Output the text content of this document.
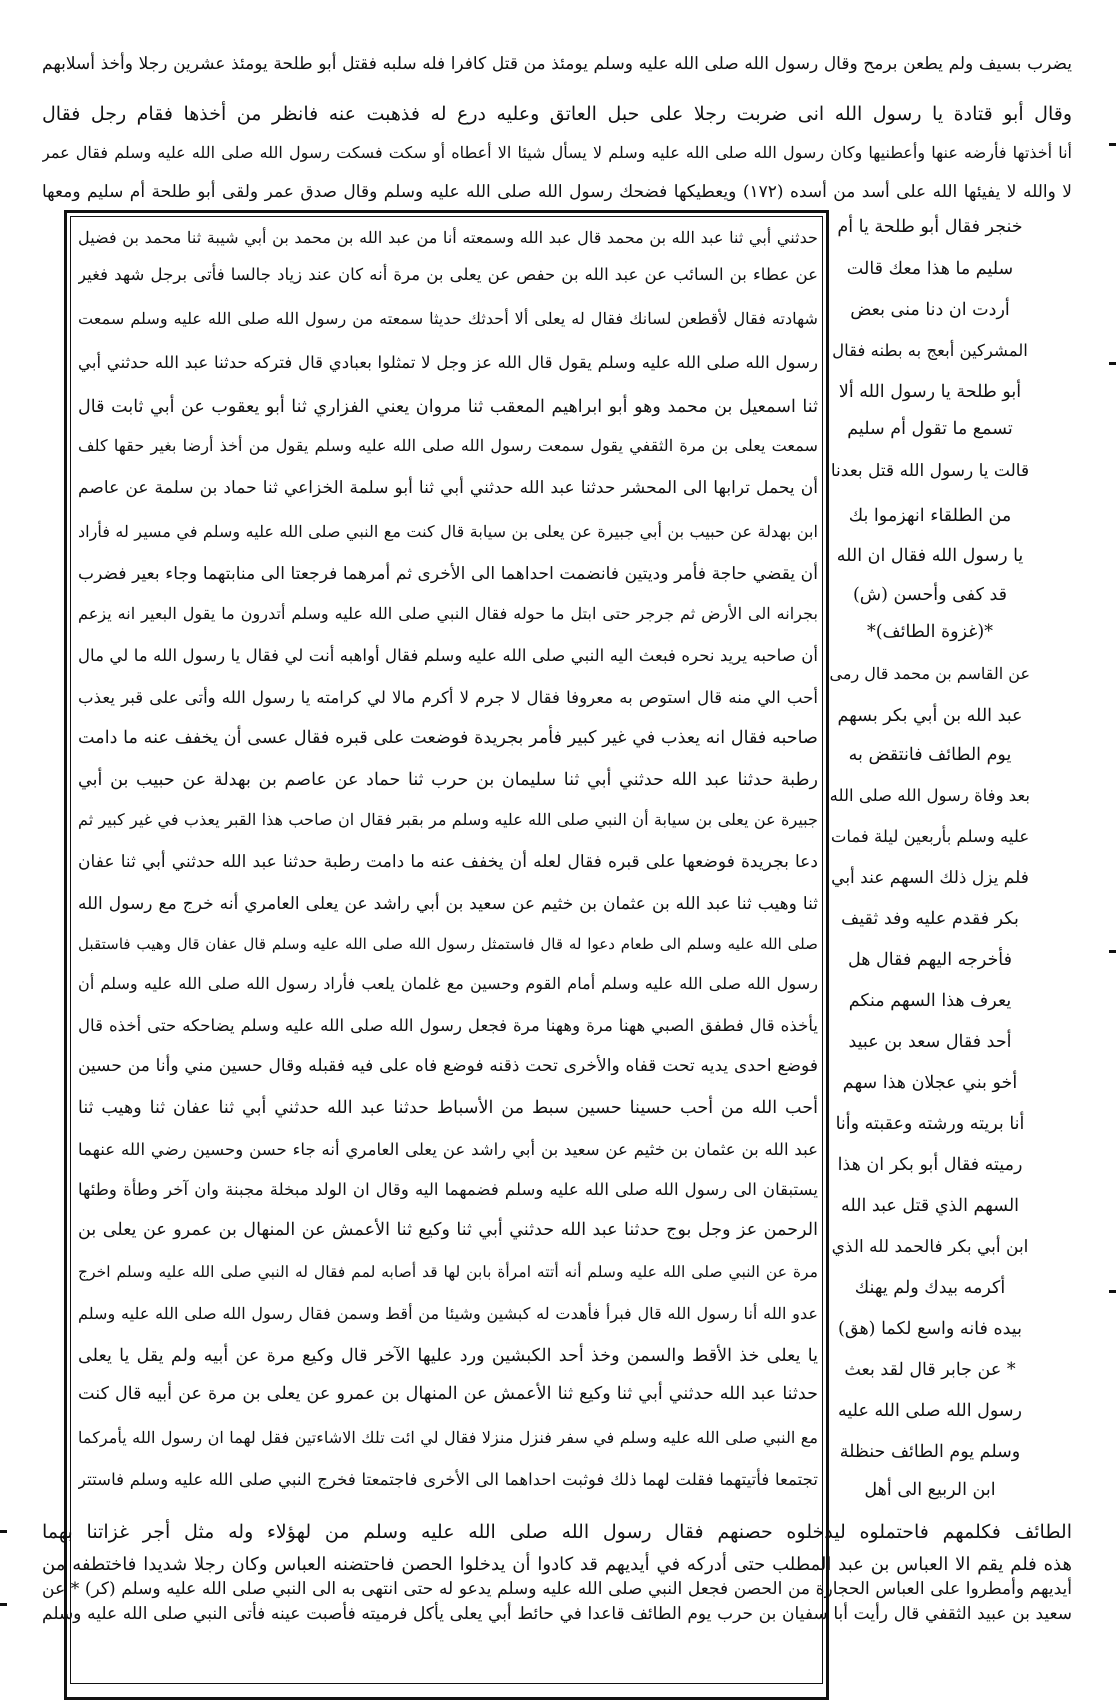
يضرب بسيف ولم يطعن برمح وقال رسول الله صلى الله عليه وسلم يومئذ من قتل كافرا فله سلبه فقتل أبو طلحة يومئذ عشرين رجلا وأخذ أسلابهم
وقال أبو قتادة يا رسول الله انى ضربت رجلا على حبل العاتق وعليه درع له فذهبت عنه فانظر من أخذها فقام رجل فقال
أنا أخذتها فأرضه عنها وأعطنيها وكان رسول الله صلى الله عليه وسلم لا يسأل شيئا الا أعطاه أو سكت فسكت رسول الله صلى الله عليه وسلم فقال عمر
لا والله لا يفيئها الله على أسد من أسده (١٧٢) ويعطيكها فضحك رسول الله صلى الله عليه وسلم وقال صدق عمر ولقى أبو طلحة أم سليم ومعها
حدثني أبي ثنا عبد الله بن محمد قال عبد الله وسمعته أنا من عبد الله بن محمد بن أبي شيبة ثنا محمد بن فضيل
عن عطاء بن السائب عن عبد الله بن حفص عن يعلى بن مرة أنه كان عند زياد جالسا فأتى برجل شهد فغير
شهادته فقال لأقطعن لسانك فقال له يعلى ألا أحدثك حديثا سمعته من رسول الله صلى الله عليه وسلم سمعت
رسول الله صلى الله عليه وسلم يقول قال الله عز وجل لا تمثلوا بعبادي قال فتركه حدثنا عبد الله حدثني أبي
ثنا اسمعيل بن محمد وهو أبو ابراهيم المعقب ثنا مروان يعني الفزاري ثنا أبو يعقوب عن أبي ثابت قال
سمعت يعلى بن مرة الثقفي يقول سمعت رسول الله صلى الله عليه وسلم يقول من أخذ أرضا بغير حقها كلف
أن يحمل ترابها الى المحشر حدثنا عبد الله حدثني أبي ثنا أبو سلمة الخزاعي ثنا حماد بن سلمة عن عاصم
ابن بهدلة عن حبيب بن أبي جبيرة عن يعلى بن سيابة قال كنت مع النبي صلى الله عليه وسلم في مسير له فأراد
أن يقضي حاجة فأمر وديتين فانضمت احداهما الى الأخرى ثم أمرهما فرجعتا الى منابتهما وجاء بعير فضرب
بجرانه الى الأرض ثم جرجر حتى ابتل ما حوله فقال النبي صلى الله عليه وسلم أتدرون ما يقول البعير انه يزعم
أن صاحبه يريد نحره فبعث اليه النبي صلى الله عليه وسلم فقال أواهبه أنت لي فقال يا رسول الله ما لي مال
أحب الي منه قال استوص به معروفا فقال لا جرم لا أكرم مالا لي كرامته يا رسول الله وأتى على قبر يعذب
صاحبه فقال انه يعذب في غير كبير فأمر بجريدة فوضعت على قبره فقال عسى أن يخفف عنه ما دامت
رطبة حدثنا عبد الله حدثني أبي ثنا سليمان بن حرب ثنا حماد عن عاصم بن بهدلة عن حبيب بن أبي
جبيرة عن يعلى بن سيابة أن النبي صلى الله عليه وسلم مر بقبر فقال ان صاحب هذا القبر يعذب في غير كبير ثم
دعا بجريدة فوضعها على قبره فقال لعله أن يخفف عنه ما دامت رطبة حدثنا عبد الله حدثني أبي ثنا عفان
ثنا وهيب ثنا عبد الله بن عثمان بن خثيم عن سعيد بن أبي راشد عن يعلى العامري أنه خرج مع رسول الله
صلى الله عليه وسلم الى طعام دعوا له قال فاستمثل رسول الله صلى الله عليه وسلم قال عفان قال وهيب فاستقبل
رسول الله صلى الله عليه وسلم أمام القوم وحسين مع غلمان يلعب فأراد رسول الله صلى الله عليه وسلم أن
يأخذه قال فطفق الصبي ههنا مرة وههنا مرة فجعل رسول الله صلى الله عليه وسلم يضاحكه حتى أخذه قال
فوضع احدى يديه تحت قفاه والأخرى تحت ذقنه فوضع فاه على فيه فقبله وقال حسين مني وأنا من حسين
أحب الله من أحب حسينا حسين سبط من الأسباط حدثنا عبد الله حدثني أبي ثنا عفان ثنا وهيب ثنا
عبد الله بن عثمان بن خثيم عن سعيد بن أبي راشد عن يعلى العامري أنه جاء حسن وحسين رضي الله عنهما
يستبقان الى رسول الله صلى الله عليه وسلم فضمهما اليه وقال ان الولد مبخلة مجبنة وان آخر وطأة وطئها
الرحمن عز وجل بوج حدثنا عبد الله حدثني أبي ثنا وكيع ثنا الأعمش عن المنهال بن عمرو عن يعلى بن
مرة عن النبي صلى الله عليه وسلم أنه أتته امرأة بابن لها قد أصابه لمم فقال له النبي صلى الله عليه وسلم اخرج
عدو الله أنا رسول الله قال فبرأ فأهدت له كبشين وشيئا من أقط وسمن فقال رسول الله صلى الله عليه وسلم
يا يعلى خذ الأقط والسمن وخذ أحد الكبشين ورد عليها الآخر قال وكيع مرة عن أبيه ولم يقل يا يعلى
حدثنا عبد الله حدثني أبي ثنا وكيع ثنا الأعمش عن المنهال بن عمرو عن يعلى بن مرة عن أبيه قال كنت
مع النبي صلى الله عليه وسلم في سفر فنزل منزلا فقال لي ائت تلك الاشاءتين فقل لهما ان رسول الله يأمركما
تجتمعا فأتيتهما فقلت لهما ذلك فوثبت احداهما الى الأخرى فاجتمعتا فخرج النبي صلى الله عليه وسلم فاستتر
خنجر فقال أبو طلحة يا أم
سليم ما هذا معك قالت
أردت ان دنا منى بعض
المشركين أبعج به بطنه فقال
أبو طلحة يا رسول الله ألا
تسمع ما تقول أم سليم
قالت يا رسول الله قتل بعدنا
من الطلقاء انهزموا بك
يا رسول الله فقال ان الله
قد كفى وأحسن (ش)
*(غزوة الطائف)*
عن القاسم بن محمد قال رمى
عبد الله بن أبي بكر بسهم
يوم الطائف فانتقض به
بعد وفاة رسول الله صلى الله
عليه وسلم بأربعين ليلة فمات
فلم يزل ذلك السهم عند أبي
بكر فقدم عليه وفد ثقيف
فأخرجه اليهم فقال هل
يعرف هذا السهم منكم
أحد فقال سعد بن عبيد
أخو بني عجلان هذا سهم
أنا بريته ورشته وعقبته وأنا
رميته فقال أبو بكر ان هذا
السهم الذي قتل عبد الله
ابن أبي بكر فالحمد لله الذي
أكرمه بيدك ولم يهنك
بيده فانه واسع لكما (هق)
* عن جابر قال لقد بعث
رسول الله صلى الله عليه
وسلم يوم الطائف حنظلة
ابن الربيع الى أهل
الطائف فكلمهم فاحتملوه ليدخلوه حصنهم فقال رسول الله صلى الله عليه وسلم من لهؤلاء وله مثل أجر غزاتنا بهما
هذه فلم يقم الا العباس بن عبد المطلب حتى أدركه في أيديهم قد كادوا أن يدخلوا الحصن فاحتضنه العباس وكان رجلا شديدا فاختطفه من
أيديهم وأمطروا على العباس الحجارة من الحصن فجعل النبي صلى الله عليه وسلم يدعو له حتى انتهى به الى النبي صلى الله عليه وسلم (كر) * عن
سعيد بن عبيد الثقفي قال رأيت أبا سفيان بن حرب يوم الطائف قاعدا في حائط أبي يعلى يأكل فرميته فأصبت عينه فأتى النبي صلى الله عليه وسلم
